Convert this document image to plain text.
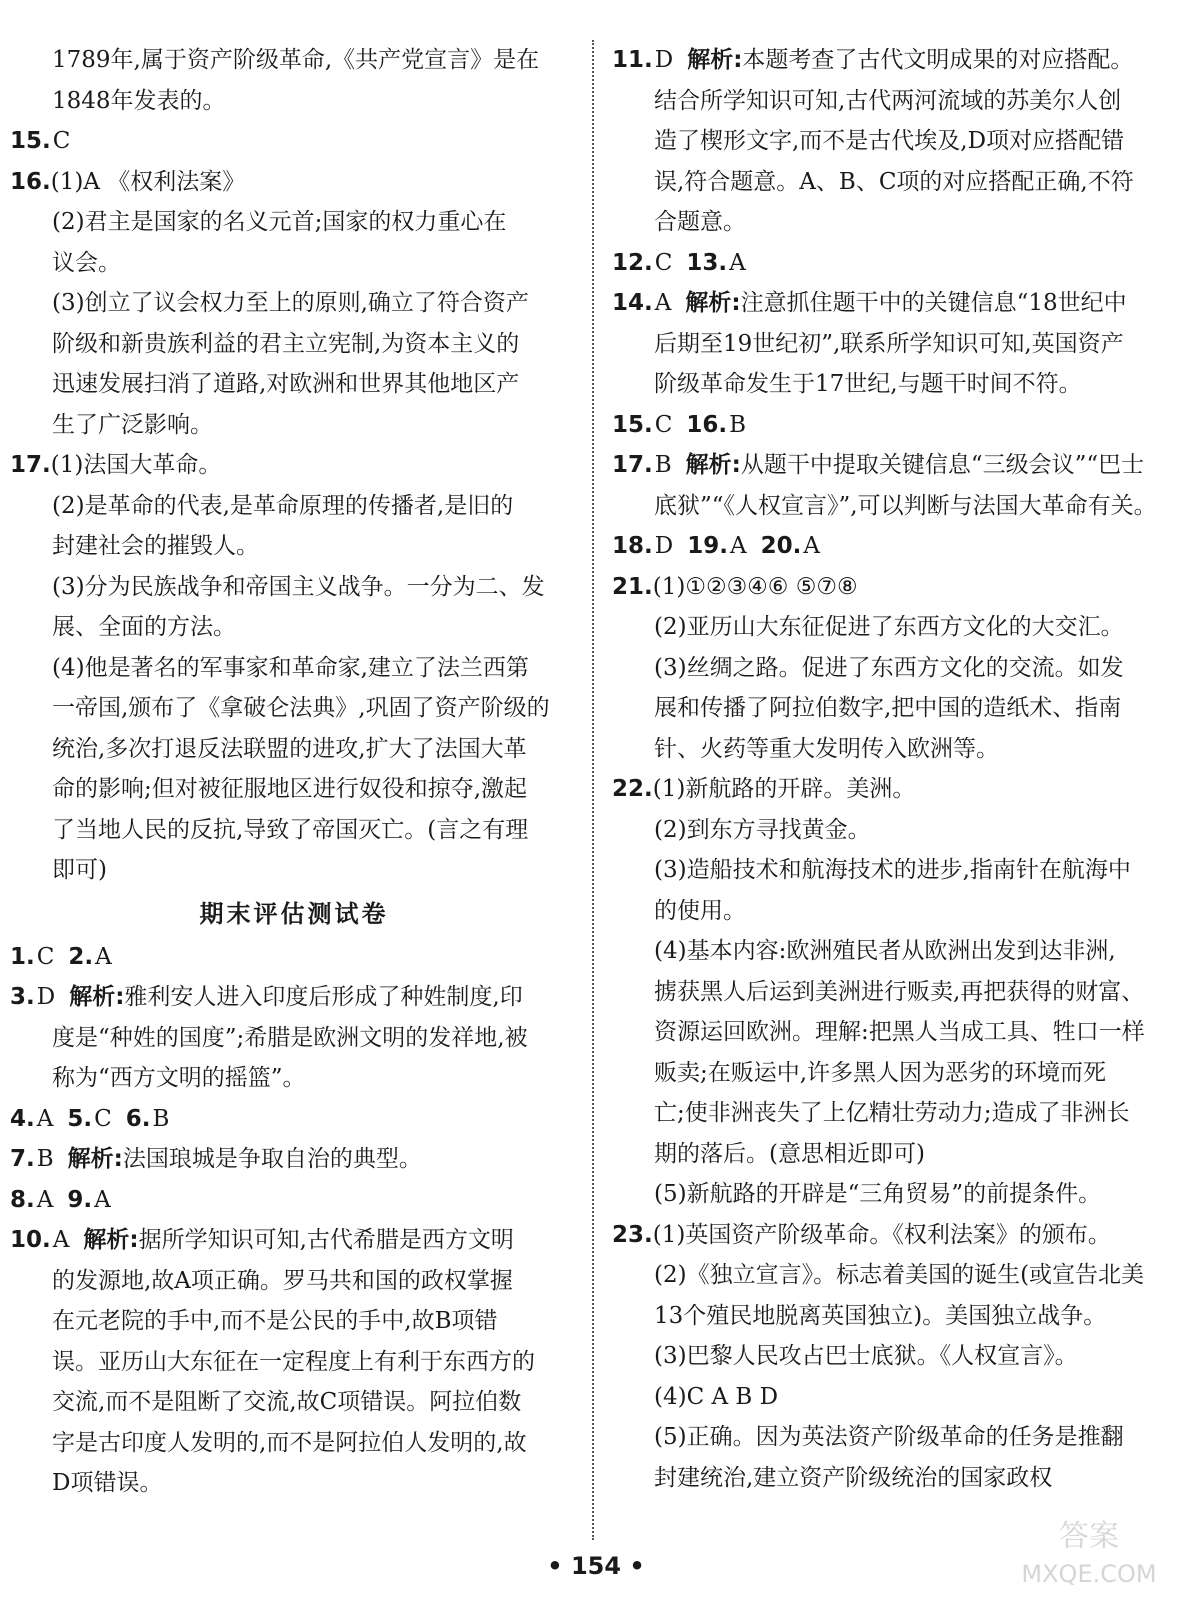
1789年,属于资产阶级革命,《共产党宣言》是在
1848年发表的。
15.C
16.(1)A 《权利法案》
(2)君主是国家的名义元首;国家的权力重心在
议会。
(3)创立了议会权力至上的原则,确立了符合资产
阶级和新贵族利益的君主立宪制,为资本主义的
迅速发展扫消了道路,对欧洲和世界其他地区产
生了广泛影响。
17.(1)法国大革命。
(2)是革命的代表,是革命原理的传播者,是旧的
封建社会的摧毁人。
(3)分为民族战争和帝国主义战争。一分为二、发
展、全面的方法。
(4)他是著名的军事家和革命家,建立了法兰西第
一帝国,颁布了《拿破仑法典》,巩固了资产阶级的
统治,多次打退反法联盟的进攻,扩大了法国大革
命的影响;但对被征服地区进行奴役和掠夺,激起
了当地人民的反抗,导致了帝国灭亡。(言之有理
即可)
期末评估测试卷
1.C 2.A
3.D 解析:雅利安人进入印度后形成了种姓制度,印
度是“种姓的国度”;希腊是欧洲文明的发祥地,被
称为“西方文明的摇篮”。
4.A 5.C 6.B
7.B 解析:法国琅城是争取自治的典型。
8.A 9.A
10.A 解析:据所学知识可知,古代希腊是西方文明
的发源地,故A项正确。罗马共和国的政权掌握
在元老院的手中,而不是公民的手中,故B项错
误。亚历山大东征在一定程度上有利于东西方的
交流,而不是阻断了交流,故C项错误。阿拉伯数
字是古印度人发明的,而不是阿拉伯人发明的,故
D项错误。
11.D 解析:本题考查了古代文明成果的对应搭配。
结合所学知识可知,古代两河流域的苏美尔人创
造了楔形文字,而不是古代埃及,D项对应搭配错
误,符合题意。A、B、C项的对应搭配正确,不符
合题意。
12.C 13.A
14.A 解析:注意抓住题干中的关键信息“18世纪中
后期至19世纪初”,联系所学知识可知,英国资产
阶级革命发生于17世纪,与题干时间不符。
15.C 16.B
17.B 解析:从题干中提取关键信息“三级会议”“巴士
底狱”“《人权宣言》”,可以判断与法国大革命有关。
18.D 19.A 20.A
21.(1)①②③④⑥ ⑤⑦⑧
(2)亚历山大东征促进了东西方文化的大交汇。
(3)丝绸之路。促进了东西方文化的交流。如发
展和传播了阿拉伯数字,把中国的造纸术、指南
针、火药等重大发明传入欧洲等。
22.(1)新航路的开辟。美洲。
(2)到东方寻找黄金。
(3)造船技术和航海技术的进步,指南针在航海中
的使用。
(4)基本内容:欧洲殖民者从欧洲出发到达非洲,
掳获黑人后运到美洲进行贩卖,再把获得的财富、
资源运回欧洲。理解:把黑人当成工具、牲口一样
贩卖;在贩运中,许多黑人因为恶劣的环境而死
亡;使非洲丧失了上亿精壮劳动力;造成了非洲长
期的落后。(意思相近即可)
(5)新航路的开辟是“三角贸易”的前提条件。
23.(1)英国资产阶级革命。《权利法案》的颁布。
(2)《独立宣言》。标志着美国的诞生(或宣告北美
13个殖民地脱离英国独立)。美国独立战争。
(3)巴黎人民攻占巴士底狱。《人权宣言》。
(4)C A B D
(5)正确。因为英法资产阶级革命的任务是推翻
封建统治,建立资产阶级统治的国家政权
• 154 •
答案
MXQE.COM
